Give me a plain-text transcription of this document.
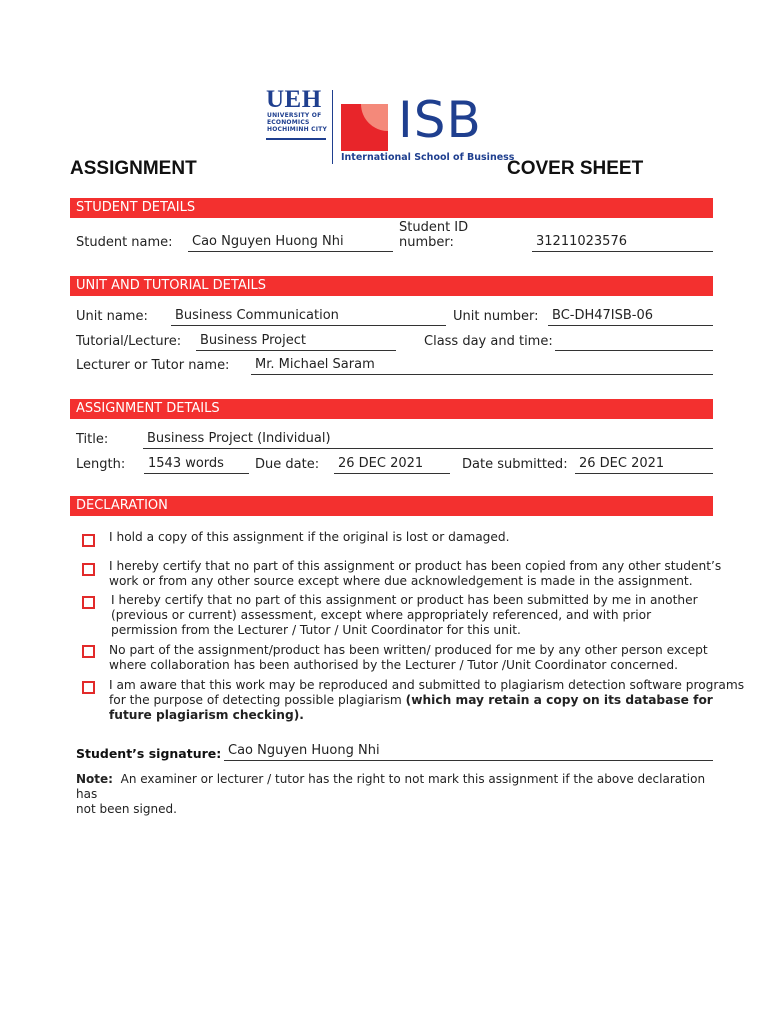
UEH
UNIVERSITY OF
ECONOMICS
HOCHIMINH CITY ISB
International School of Business
ASSIGNMENT	COVER SHEET
STUDENT DETAILS
Student name:	Cao Nguyen Huong Nhi
Student ID
number:	31211023576
UNIT AND TUTORIAL DETAILS
Unit name:	Business Communication	Unit number:	BC-DH47ISB-06
Tutorial/Lecture:	Business Project	Class day and time:
Lecturer or Tutor name:	Mr. Michael Saram
ASSIGNMENT DETAILS
Title:	Business Project (Individual)
Length:	1543 words	Due date:	26 DEC 2021	Date submitted: 26 DEC 2021
DECLARATION
I hold a copy of this assignment if the original is lost or damaged.
I hereby certify that no part of this assignment or product has been copied from any other student’s
work or from any other source except where due acknowledgement is made in the assignment.
I hereby certify that no part of this assignment or product has been submitted by me in another
(previous or current) assessment, except where appropriately referenced, and with prior
permission from the Lecturer / Tutor / Unit Coordinator for this unit.
No part of the assignment/product has been written/ produced for me by any other person except
where collaboration has been authorised by the Lecturer / Tutor /Unit Coordinator concerned.
I am aware that this work may be reproduced and submitted to plagiarism detection software programs
for the purpose of detecting possible plagiarism (which may retain a copy on its database for
future plagiarism checking).
Student’s signature: Cao Nguyen Huong Nhi
Note: An examiner or lecturer / tutor has the right to not mark this assignment if the above declaration has
not been signed.
